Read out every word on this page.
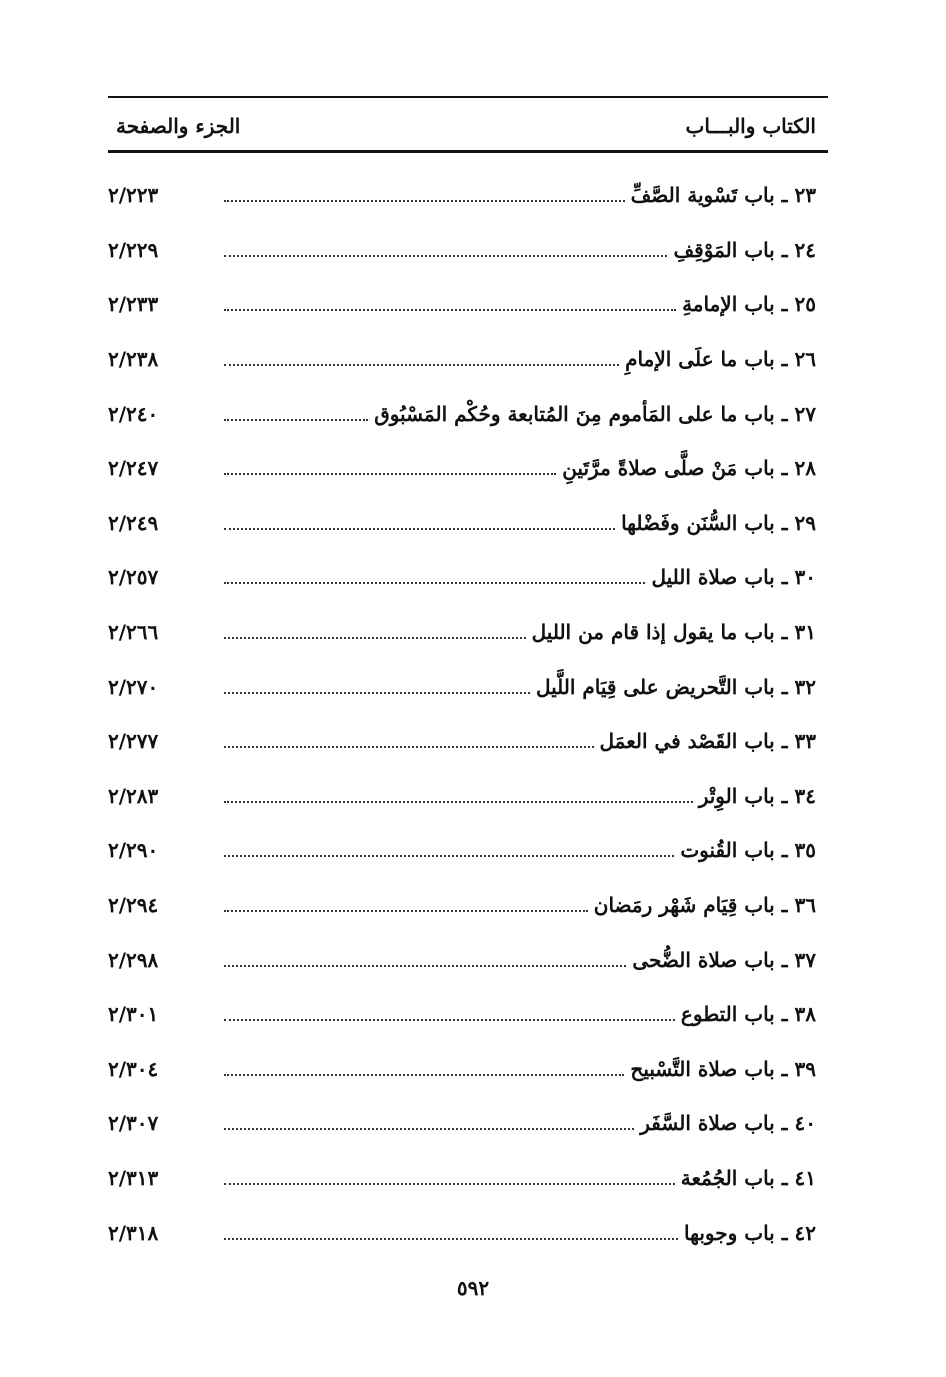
الكتاب والبـــاب
الجزء والصفحة
٢٣ ـ باب تَسْوية الصَّفِّ
٢/٢٢٣
٢٤ ـ باب المَوْقِفِ
٢/٢٢٩
٢٥ ـ باب الإمامةِ
٢/٢٣٣
٢٦ ـ باب ما علَى الإمامِ
٢/٢٣٨
٢٧ ـ باب ما على المَأموم مِنَ المُتابعة وحُكْم المَسْبُوق
٢/٢٤٠
٢٨ ـ باب مَنْ صلَّى صلاةً مرَّتَينِ
٢/٢٤٧
٢٩ ـ باب السُّنَن وفَضْلها
٢/٢٤٩
٣٠ ـ باب صلاة الليل
٢/٢٥٧
٣١ ـ باب ما يقول إذا قام من الليل
٢/٢٦٦
٣٢ ـ باب التَّحريض على قِيَام اللَّيل
٢/٢٧٠
٣٣ ـ باب القَصْد في العمَل
٢/٢٧٧
٣٤ ـ باب الوِتْر
٢/٢٨٣
٣٥ ـ باب القُنوت
٢/٢٩٠
٣٦ ـ باب قِيَام شَهْر رمَضان
٢/٢٩٤
٣٧ ـ باب صلاة الضُّحى
٢/٢٩٨
٣٨ ـ باب التطوع
٢/٣٠١
٣٩ ـ باب صلاة التَّسْبيح
٢/٣٠٤
٤٠ ـ باب صلاة السَّفَر
٢/٣٠٧
٤١ ـ باب الجُمُعة
٢/٣١٣
٤٢ ـ باب وجوبها
٢/٣١٨
٥٩٢
